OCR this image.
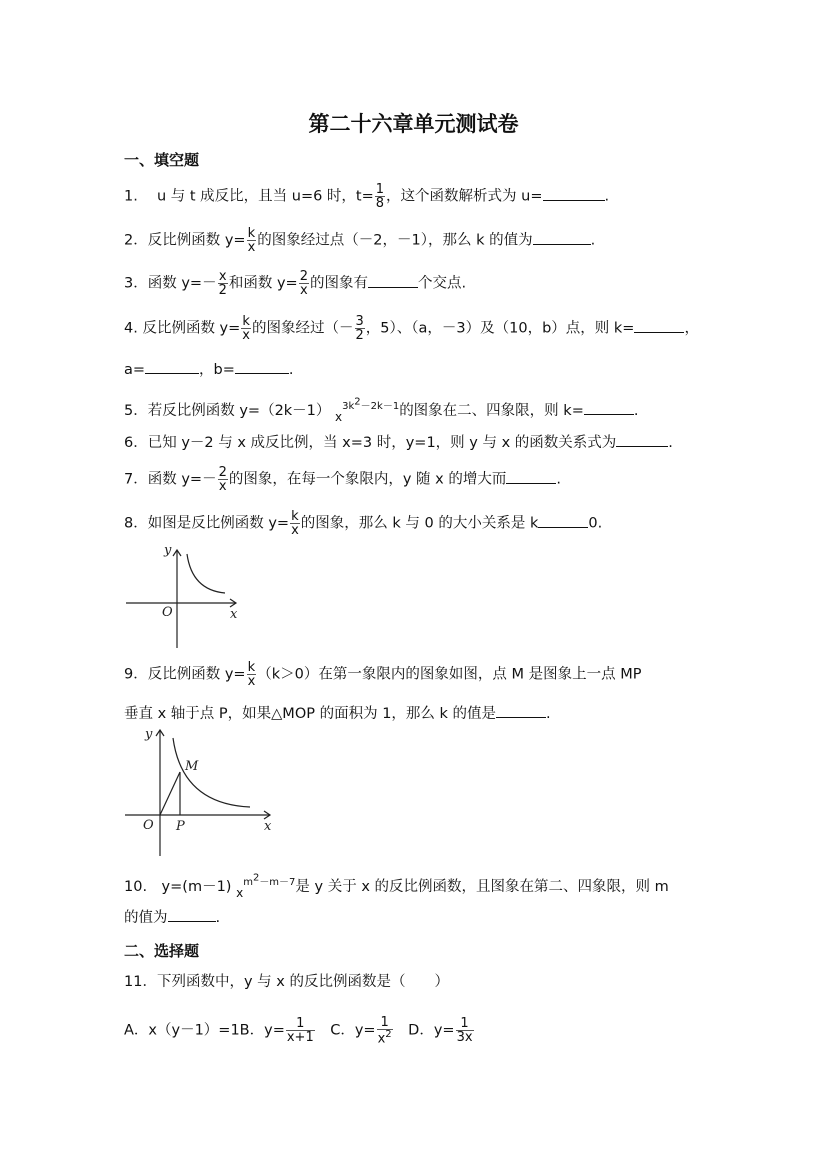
第二十六章单元测试卷
一、填空题
1.　 u 与 t 成反比，且当 u=6 时，$t= \frac{1}{8}$ ，这个函数解析式为 u=	.
2．反比例函数 $y= \frac{k}{x}$ 的图象经过点（－2，－1），那么 k 的值为	.
3．函数 $y=- \frac{x}{2}$ 和函数 $y= \frac{2}{x}$ 的图象有	个交点.
4. 反比例函数 $y= \frac{k}{x}$ 的图象经过（－ $\frac{3}{2}$ ，5）、（a，－3）及（10，b）点，则 k=	，
a=	，b=	.
5．若反比例函数 y=（2k－1） $_x^{3k^2-2k-1}$的图象在二、四象限，则 k=	.
6．已知 y－2 与 x 成反比例，当 x=3 时，y=1，则 y 与 x 的函数关系式为	.
7．函数 $y=- \frac{2}{x}$ 的图象，在每一个象限内，y 随 x 的增大而	.
8．如图是反比例函数 $y= \frac{k}{x}$ 的图象，那么 k 与 0 的大小关系是 k	0.
y
O	x
9．反比例函数 $y= \frac{k}{x} (k>0)$在第一象限内的图象如图，点 M 是图象上一点 MP
垂直 x 轴于点 P，如果△MOP 的面积为 1，那么 k 的值是	.
y
M
O P	x
10.　y=(m－1) $_x^{m^2-m-7}$是 y 关于 x 的反比例函数，且图象在第二、四象限，则 m
的值为	.
二、选择题
11．下列函数中，y 与 x 的反比例函数是（　　）
A．x（y－1）=1B．$y= \frac{1}{x+1}$ 　C．$y= \frac{1}{x^2}$ 　D．$y= \frac{1}{3x}$
